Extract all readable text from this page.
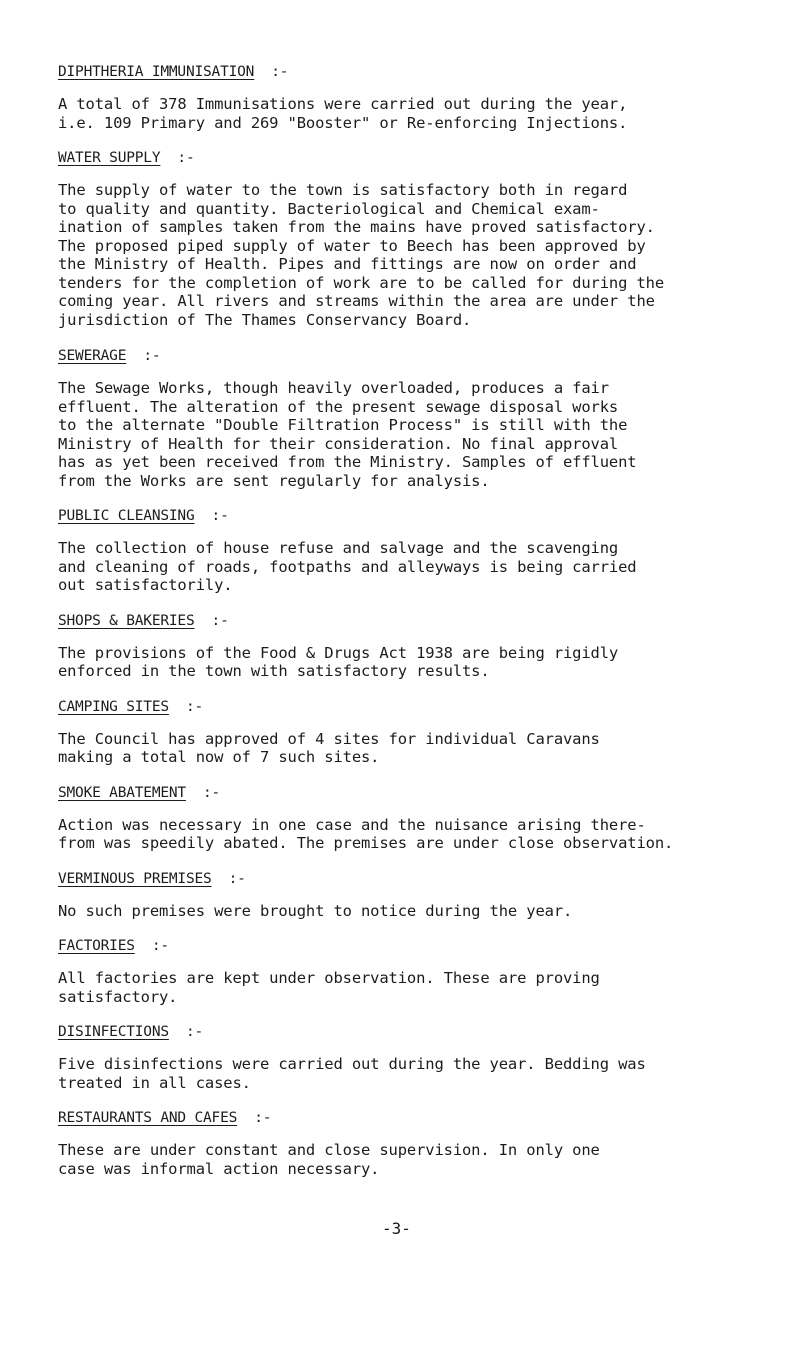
DIPHTHERIA IMMUNISATION :-
A total of 378 Immunisations were carried out during the year,
i.e. 109 Primary and 269 "Booster" or Re-enforcing Injections.
WATER SUPPLY :-
The supply of water to the town is satisfactory both in regard
to quality and quantity. Bacteriological and Chemical exam-
ination of samples taken from the mains have proved satisfactory.
The proposed piped supply of water to Beech has been approved by
the Ministry of Health. Pipes and fittings are now on order and
tenders for the completion of work are to be called for during the
coming year. All rivers and streams within the area are under the
jurisdiction of The Thames Conservancy Board.
SEWERAGE :-
The Sewage Works, though heavily overloaded, produces a fair
effluent. The alteration of the present sewage disposal works
to the alternate "Double Filtration Process" is still with the
Ministry of Health for their consideration. No final approval
has as yet been received from the Ministry. Samples of effluent
from the Works are sent regularly for analysis.
PUBLIC CLEANSING :-
The collection of house refuse and salvage and the scavenging
and cleaning of roads, footpaths and alleyways is being carried
out satisfactorily.
SHOPS & BAKERIES :-
The provisions of the Food & Drugs Act 1938 are being rigidly
enforced in the town with satisfactory results.
CAMPING SITES :-
The Council has approved of 4 sites for individual Caravans
making a total now of 7 such sites.
SMOKE ABATEMENT :-
Action was necessary in one case and the nuisance arising there-
from was speedily abated. The premises are under close observation.
VERMINOUS PREMISES :-
No such premises were brought to notice during the year.
FACTORIES :-
All factories are kept under observation. These are proving
satisfactory.
DISINFECTIONS :-
Five disinfections were carried out during the year. Bedding was
treated in all cases.
RESTAURANTS AND CAFES :-
These are under constant and close supervision. In only one
case was informal action necessary.
-3-
